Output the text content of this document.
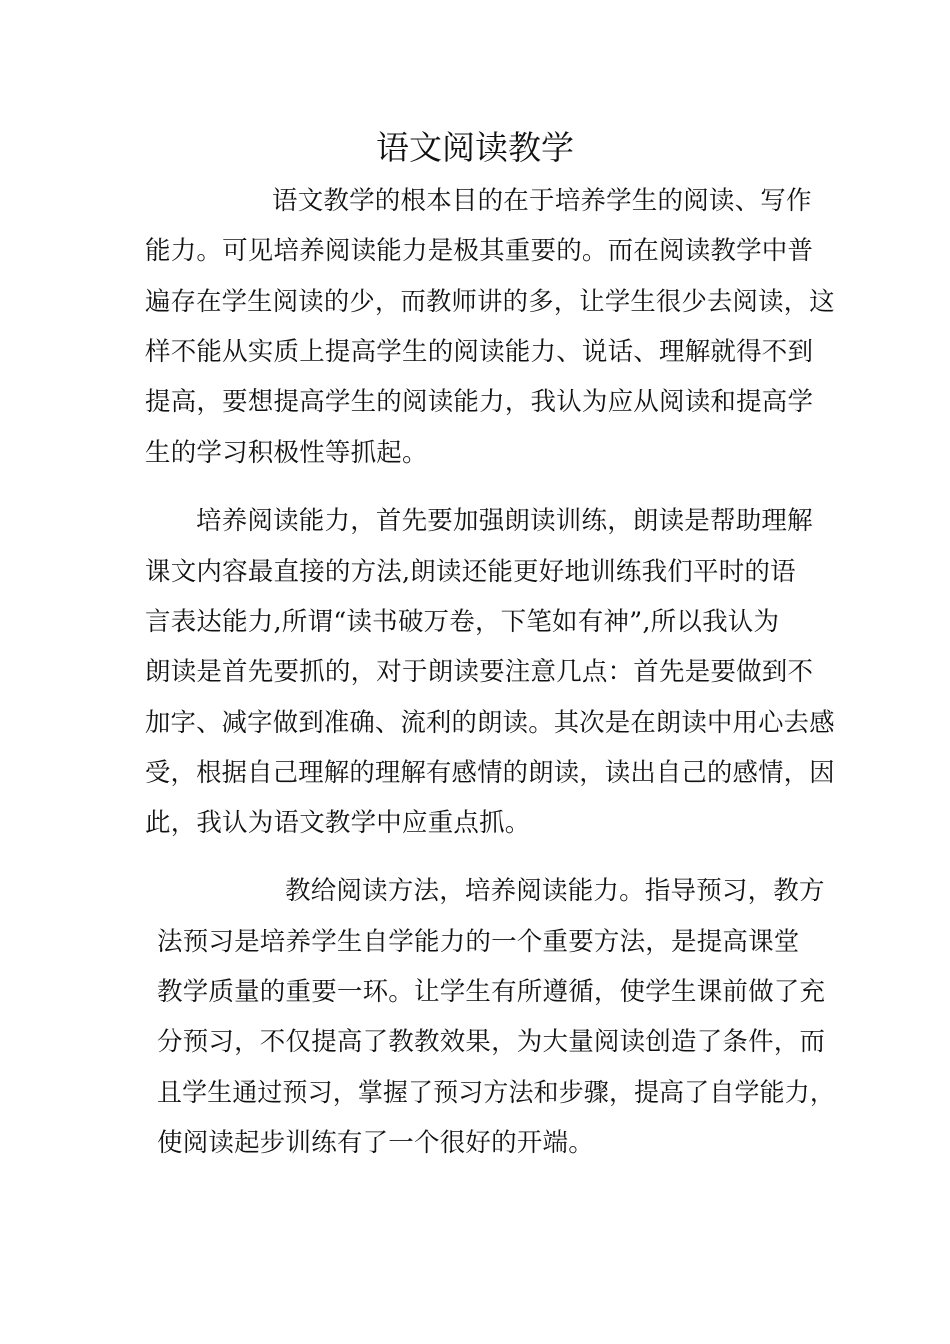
语文阅读教学
语文教学的根本目的在于培养学生的阅读、写作
能力。可见培养阅读能力是极其重要的。而在阅读教学中普
遍存在学生阅读的少，而教师讲的多，让学生很少去阅读，这
样不能从实质上提高学生的阅读能力、说话、理解就得不到
提高，要想提高学生的阅读能力，我认为应从阅读和提高学
生的学习积极性等抓起。
培养阅读能力，首先要加强朗读训练，朗读是帮助理解
课文内容最直接的方法,朗读还能更好地训练我们平时的语
言表达能力,所谓“读书破万卷，下笔如有神”,所以我认为
朗读是首先要抓的，对于朗读要注意几点：首先是要做到不
加字、减字做到准确、流利的朗读。其次是在朗读中用心去感
受，根据自己理解的理解有感情的朗读，读出自己的感情，因
此，我认为语文教学中应重点抓。
教给阅读方法，培养阅读能力。指导预习，教方
法预习是培养学生自学能力的一个重要方法，是提高课堂
教学质量的重要一环。让学生有所遵循，使学生课前做了充
分预习，不仅提高了教教效果，为大量阅读创造了条件，而
且学生通过预习，掌握了预习方法和步骤，提高了自学能力，
使阅读起步训练有了一个很好的开端。
